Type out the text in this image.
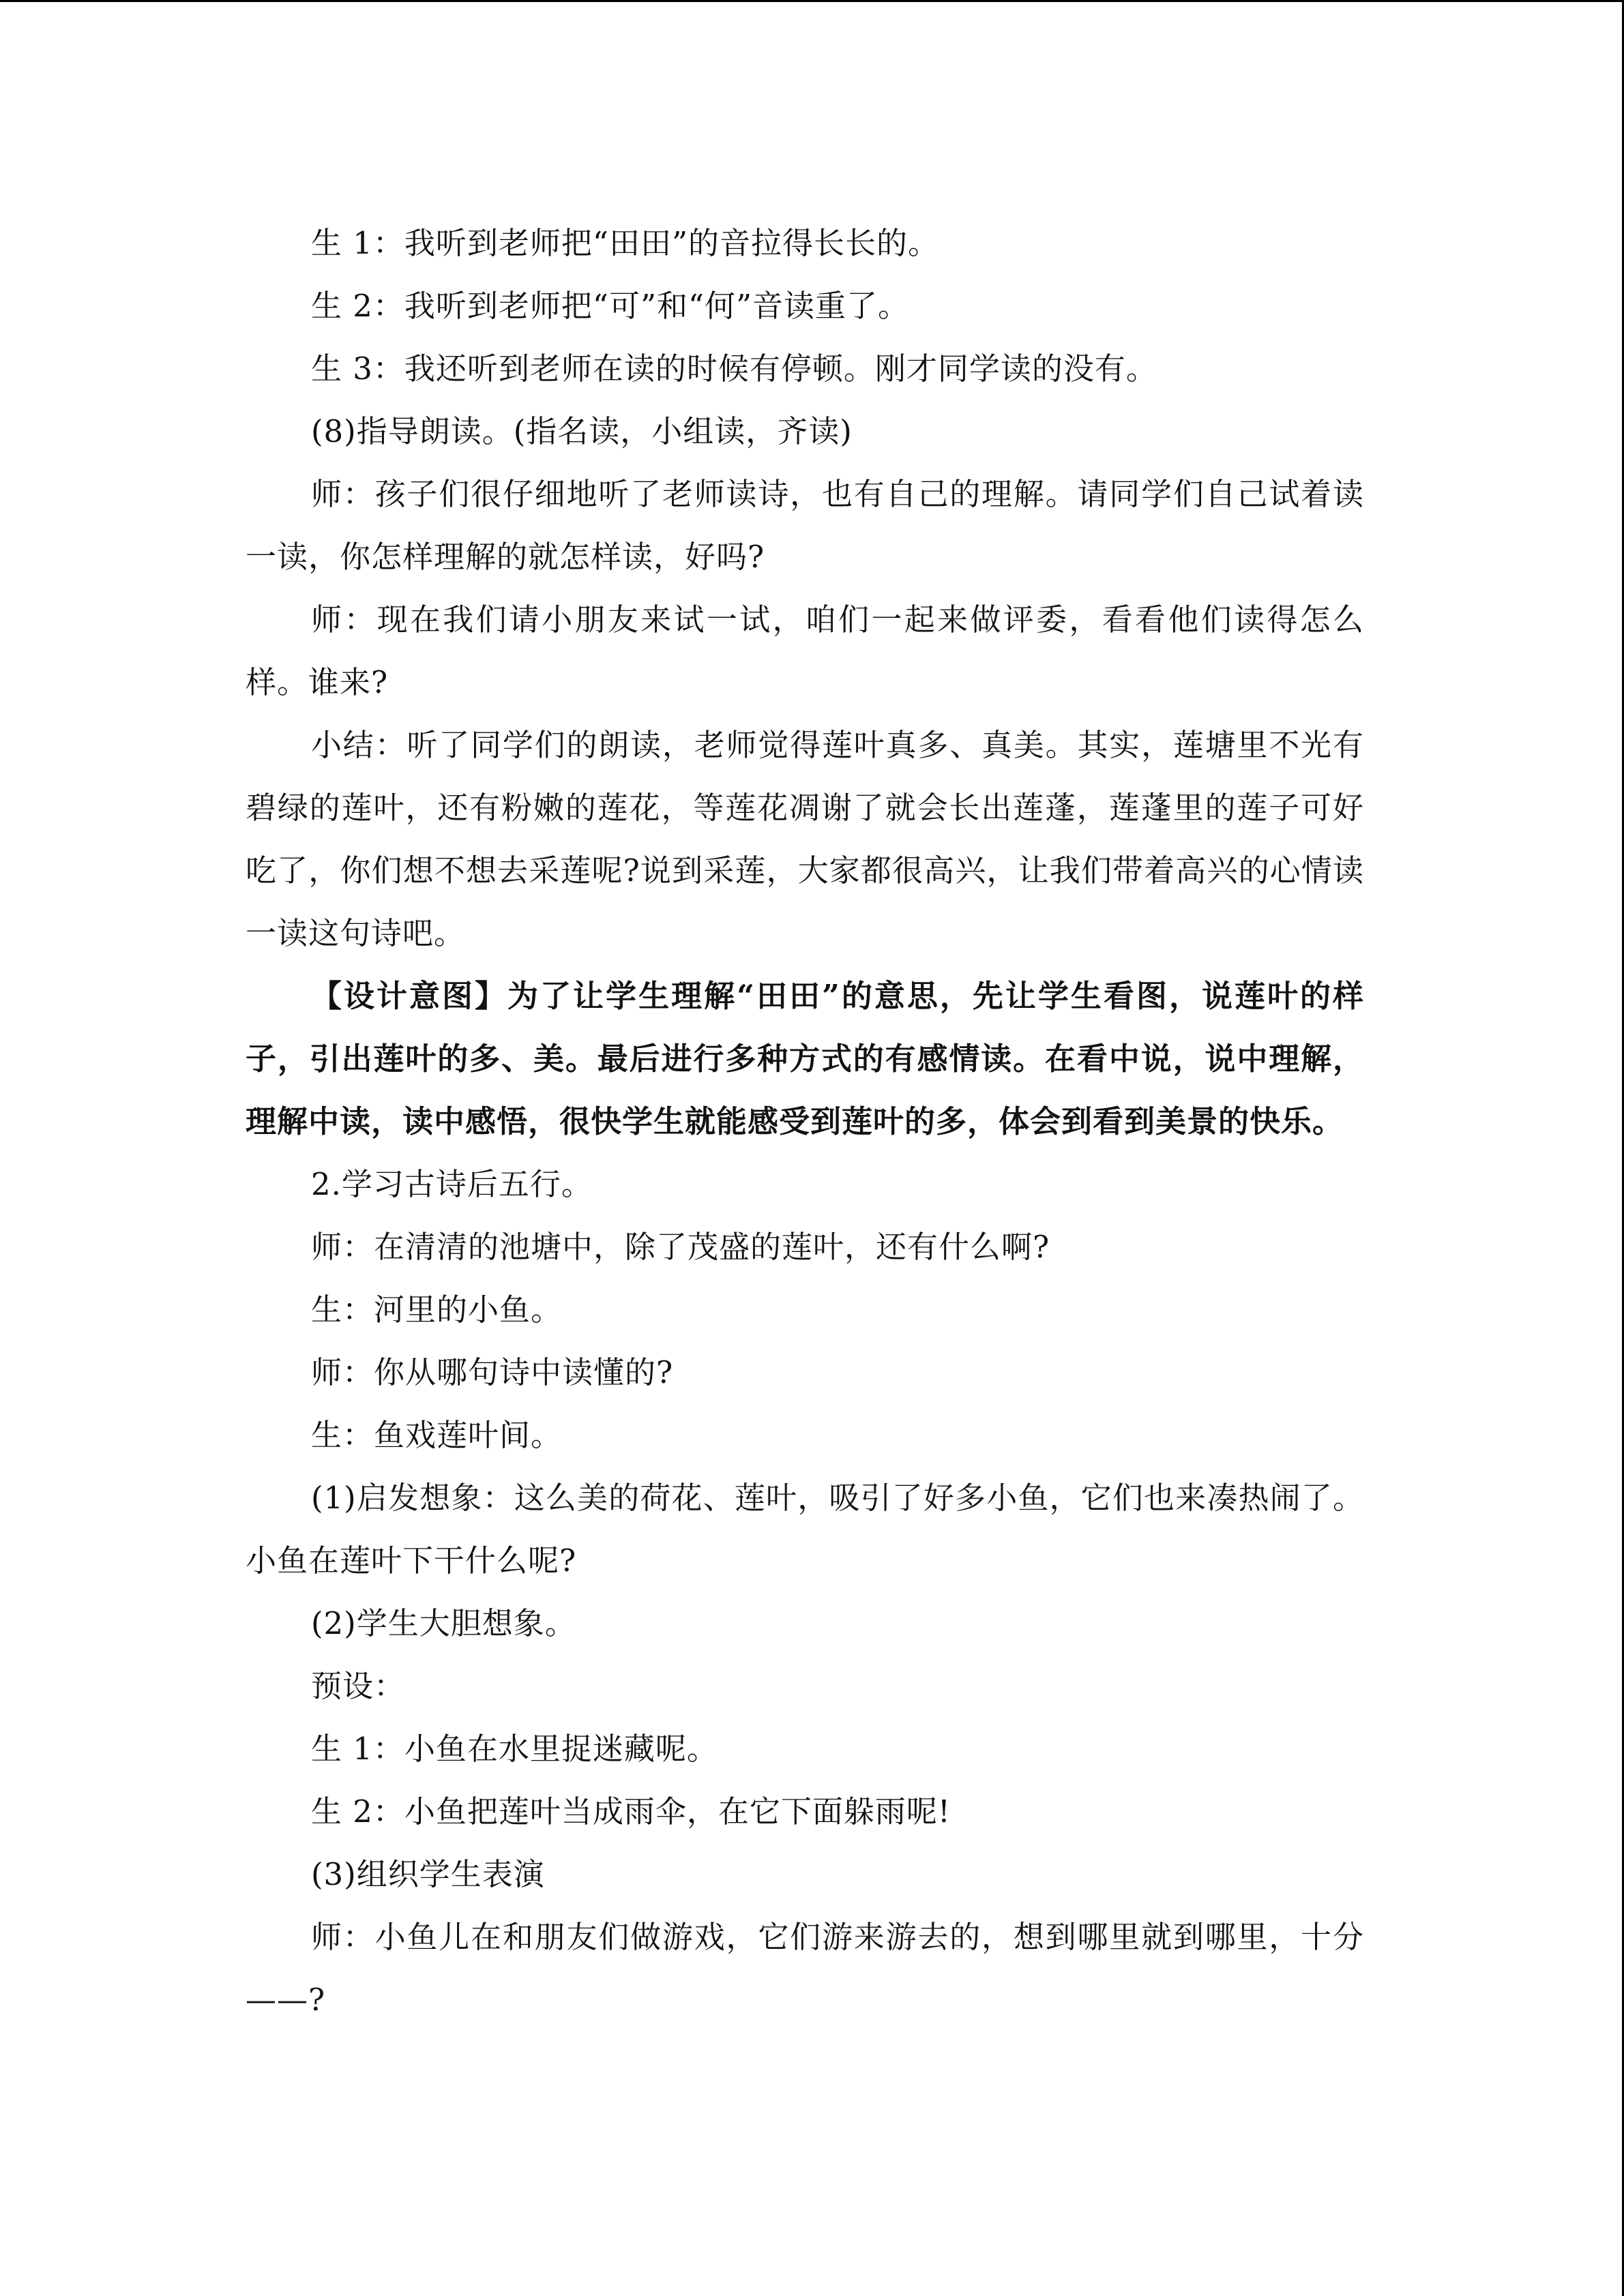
生 1：我听到老师把“田田”的音拉得长长的。

生 2：我听到老师把“可”和“何”音读重了。

生 3：我还听到老师在读的时候有停顿。刚才同学读的没有。

(8)指导朗读。(指名读，小组读，齐读)

师：孩子们很仔细地听了老师读诗，也有自己的理解。请同学们自己试着读一读，你怎样理解的就怎样读，好吗?

师：现在我们请小朋友来试一试，咱们一起来做评委，看看他们读得怎么样。谁来?

小结：听了同学们的朗读，老师觉得莲叶真多、真美。其实，莲塘里不光有碧绿的莲叶，还有粉嫩的莲花，等莲花凋谢了就会长出莲蓬，莲蓬里的莲子可好吃了，你们想不想去采莲呢?说到采莲，大家都很高兴，让我们带着高兴的心情读一读这句诗吧。

【设计意图】为了让学生理解“田田”的意思，先让学生看图，说莲叶的样子，引出莲叶的多、美。最后进行多种方式的有感情读。在看中说，说中理解，理解中读，读中感悟，很快学生就能感受到莲叶的多，体会到看到美景的快乐。

2.学习古诗后五行。

师：在清清的池塘中，除了茂盛的莲叶，还有什么啊?

生：河里的小鱼。

师：你从哪句诗中读懂的?

生：鱼戏莲叶间。

(1)启发想象：这么美的荷花、莲叶，吸引了好多小鱼，它们也来凑热闹了。小鱼在莲叶下干什么呢?

(2)学生大胆想象。

预设：

生 1：小鱼在水里捉迷藏呢。

生 2：小鱼把莲叶当成雨伞，在它下面躲雨呢!

(3)组织学生表演

师：小鱼儿在和朋友们做游戏，它们游来游去的，想到哪里就到哪里，十分——?
